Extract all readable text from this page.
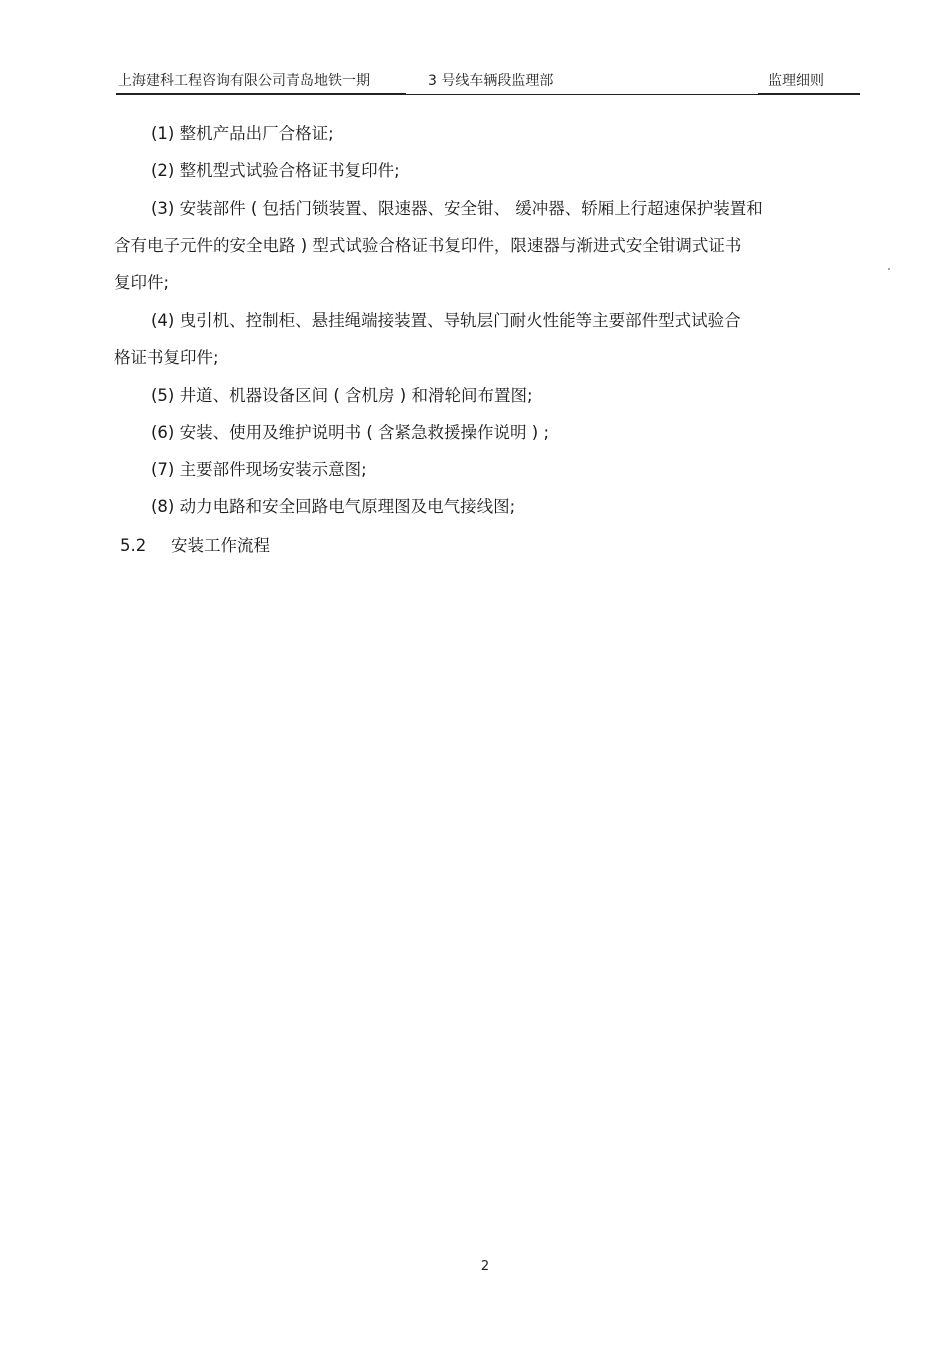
上海建科工程咨询有限公司青岛地铁一期	3 号线车辆段监理部	监理细则
(1) 整机产品出厂合格证;
(2) 整机型式试验合格证书复印件;
(3) 安装部件 ( 包括门锁装置、限速器、安全钳、 缓冲器、轿厢上行超速保护装置和
含有电子元件的安全电路 ) 型式试验合格证书复印件，限速器与渐进式安全钳调式证书
复印件;
(4) 曳引机、控制柜、悬挂绳端接装置、导轨层门耐火性能等主要部件型式试验合
格证书复印件;
(5) 井道、机器设备区间 ( 含机房 ) 和滑轮间布置图;
(6) 安装、使用及维护说明书 ( 含紧急救援操作说明 ) ;
(7) 主要部件现场安装示意图;
(8) 动力电路和安全回路电气原理图及电气接线图;
5.2 安装工作流程
2
